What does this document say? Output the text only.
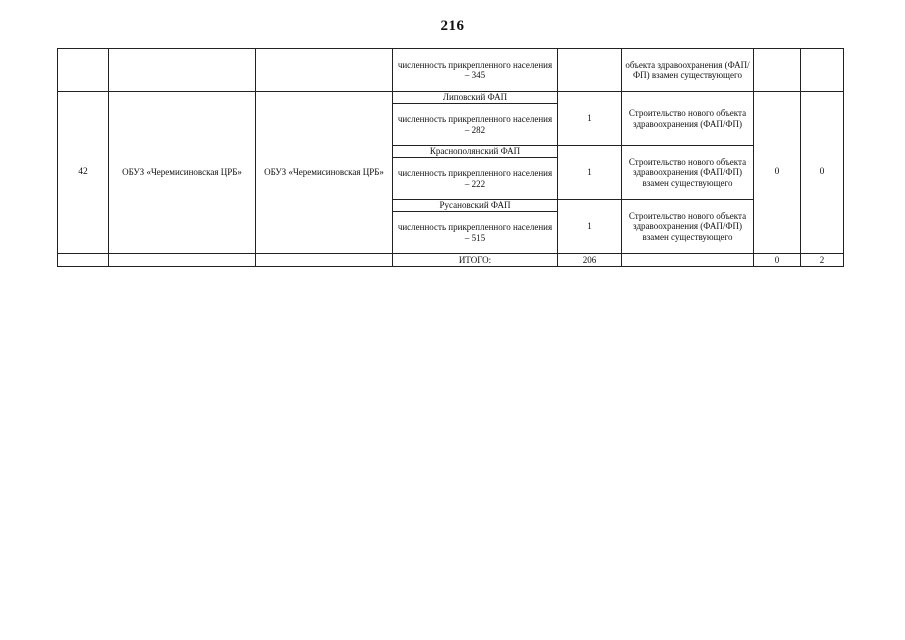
216
			численность прикрепленного населения – 345		объекта здравоохранения (ФАП/ФП) взамен существующего		
42	ОБУЗ «Черемисиновская ЦРБ»	ОБУЗ «Черемисиновская ЦРБ»	Липовский ФАП	1	Строительство нового объекта здравоохранения (ФАП/ФП)	0	0
			численность прикрепленного населения – 282				
			Краснополянский ФАП	1	Строительство нового объекта здравоохранения (ФАП/ФП) взамен существующего		
			численность прикрепленного населения – 222				
			Русановский ФАП	1	Строительство нового объекта здравоохранения (ФАП/ФП) взамен существующего		
			численность прикрепленного населения – 515				
			ИТОГО:	206		0	2
